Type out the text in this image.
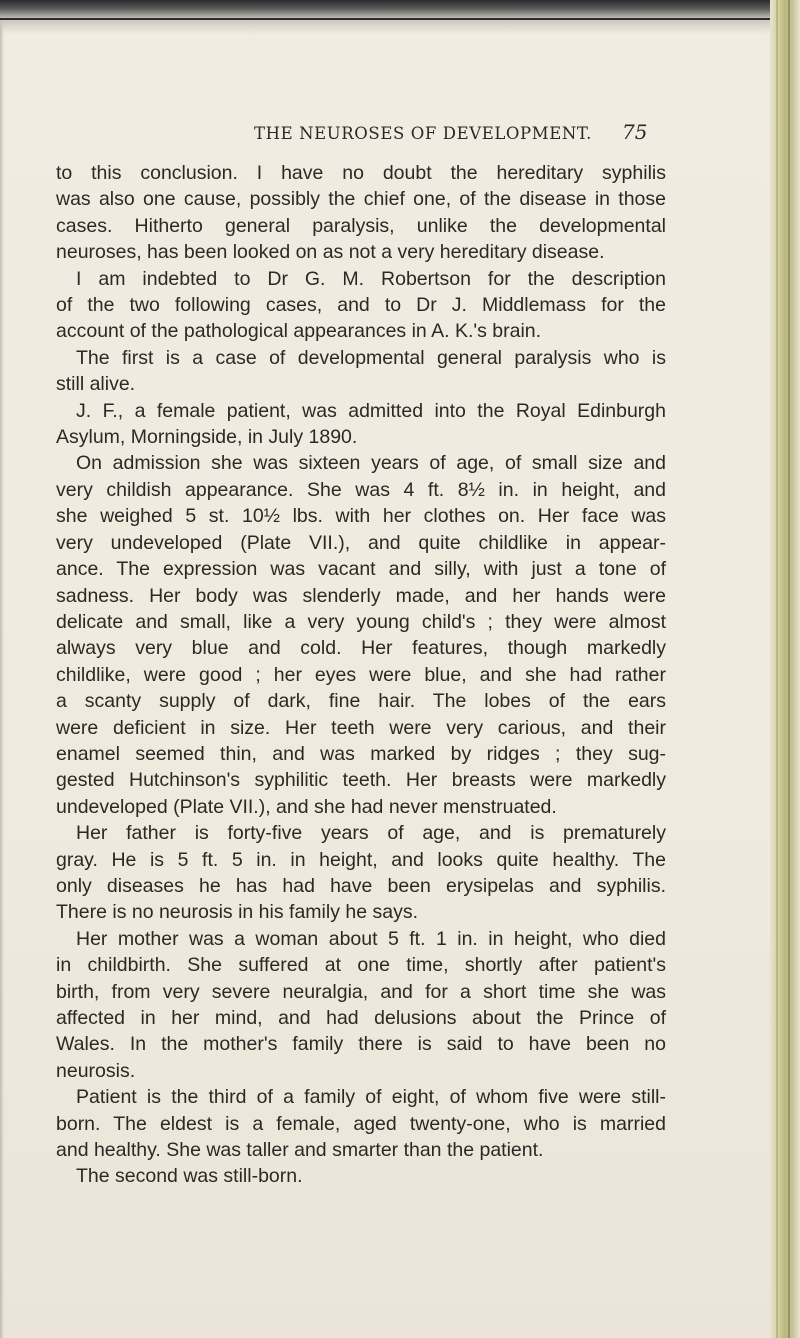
THE NEUROSES OF DEVELOPMENT. 75
to this conclusion. I have no doubt the hereditary syphilis
was also one cause, possibly the chief one, of the disease in those
cases. Hitherto general paralysis, unlike the developmental
neuroses, has been looked on as not a very hereditary disease.
I am indebted to Dr G. M. Robertson for the description
of the two following cases, and to Dr J. Middlemass for the
account of the pathological appearances in A. K.'s brain.
The first is a case of developmental general paralysis who is
still alive.
J. F., a female patient, was admitted into the Royal Edinburgh
Asylum, Morningside, in July 1890.
On admission she was sixteen years of age, of small size and
very childish appearance. She was 4 ft. 8½ in. in height, and
she weighed 5 st. 10½ lbs. with her clothes on. Her face was
very undeveloped (Plate VII.), and quite childlike in appear-
ance. The expression was vacant and silly, with just a tone of
sadness. Her body was slenderly made, and her hands were
delicate and small, like a very young child's ; they were almost
always very blue and cold. Her features, though markedly
childlike, were good ; her eyes were blue, and she had rather
a scanty supply of dark, fine hair. The lobes of the ears
were deficient in size. Her teeth were very carious, and their
enamel seemed thin, and was marked by ridges ; they sug-
gested Hutchinson's syphilitic teeth. Her breasts were markedly
undeveloped (Plate VII.), and she had never menstruated.
Her father is forty-five years of age, and is prematurely
gray. He is 5 ft. 5 in. in height, and looks quite healthy. The
only diseases he has had have been erysipelas and syphilis.
There is no neurosis in his family he says.
Her mother was a woman about 5 ft. 1 in. in height, who died
in childbirth. She suffered at one time, shortly after patient's
birth, from very severe neuralgia, and for a short time she was
affected in her mind, and had delusions about the Prince of
Wales. In the mother's family there is said to have been no
neurosis.
Patient is the third of a family of eight, of whom five were still-
born. The eldest is a female, aged twenty-one, who is married
and healthy. She was taller and smarter than the patient.
The second was still-born.
